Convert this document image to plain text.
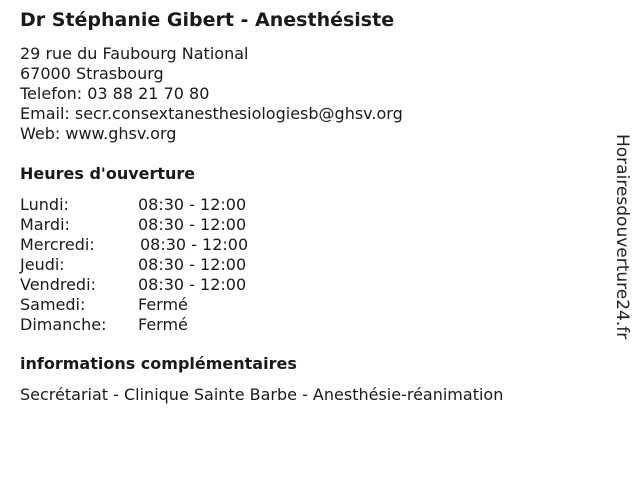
Dr Stéphanie Gibert - Anesthésiste
29 rue du Faubourg National
67000 Strasbourg
Telefon: 03 88 21 70 80
Email: secr.consextanesthesiologiesb@ghsv.org
Web: www.ghsv.org
Heures d'ouverture
Lundi:	08:30 - 12:00
Mardi:	08:30 - 12:00
Mercredi:	08:30 - 12:00
Jeudi:	08:30 - 12:00
Vendredi:	08:30 - 12:00
Samedi:	Fermé
Dimanche: Fermé
informations complémentaires
Secrétariat - Clinique Sainte Barbe - Anesthésie-réanimation
Horairesdouverture24.fr
